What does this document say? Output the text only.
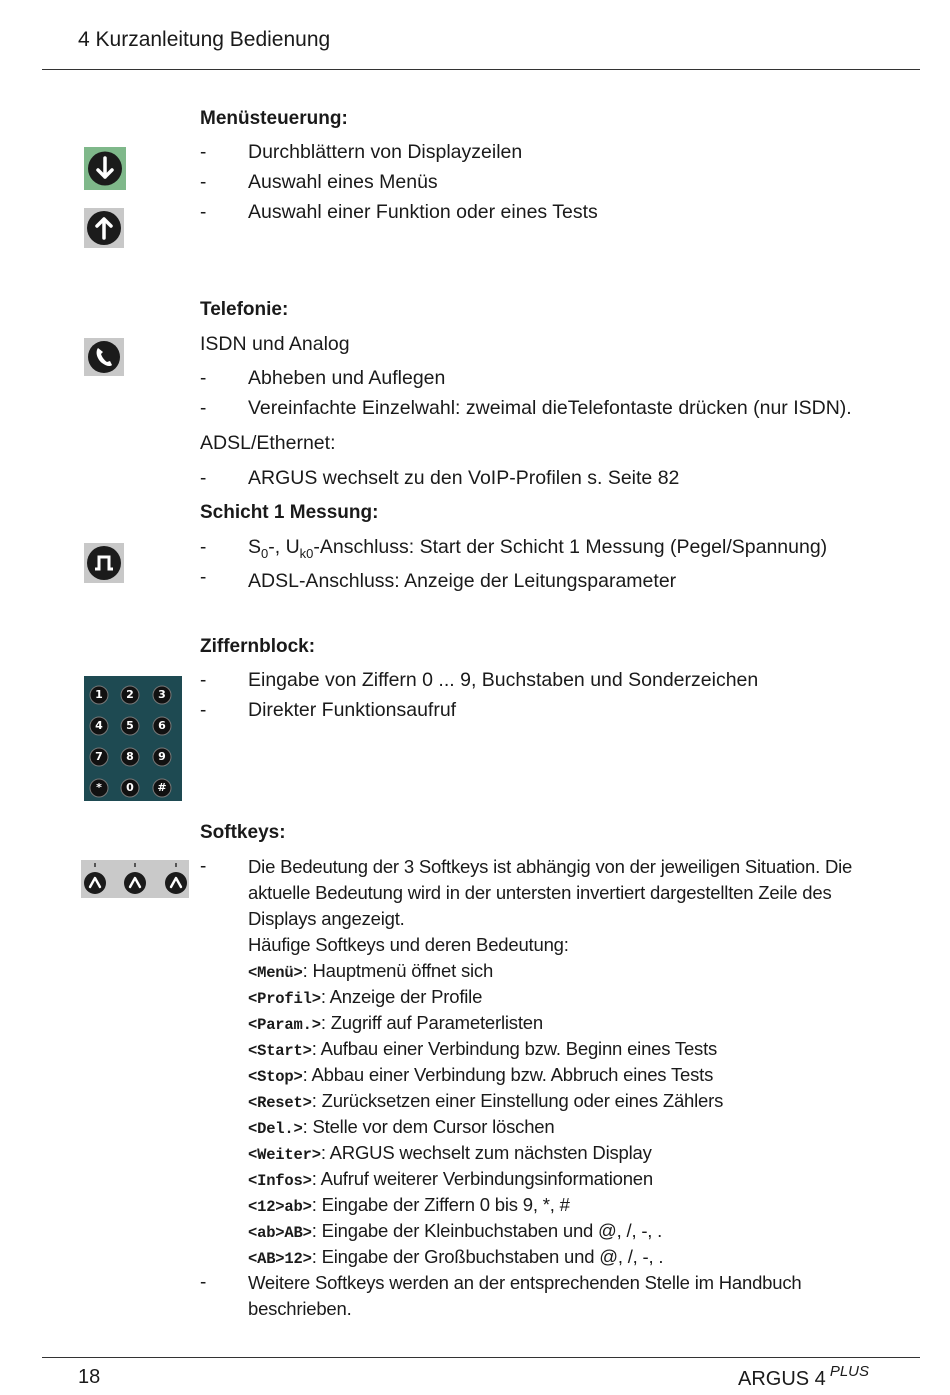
4 Kurzanleitung Bedienung
Menüsteuerung:
- Durchblättern von Displayzeilen
- Auswahl eines Menüs
- Auswahl einer Funktion oder eines Tests
Telefonie:
ISDN und Analog
- Abheben und Auflegen
- Vereinfachte Einzelwahl: zweimal dieTelefontaste drücken (nur ISDN).
ADSL/Ethernet:
- ARGUS wechselt zu den VoIP-Profilen s. Seite 82
Schicht 1 Messung:
- $S_0-$, $U_{k0}$-Anschluss: Start der Schicht 1 Messung (Pegel/Spannung)
- ADSL-Anschluss: Anzeige der Leitungsparameter
Ziffernblock:
1 2 3
4 5 6
7 8 9
* 0 #
- Eingabe von Ziffern 0 ... 9, Buchstaben und Sonderzeichen
- Direkter Funktionsaufruf
Softkeys:
- Die Bedeutung der 3 Softkeys ist abhängig von der jeweiligen Situation. Die
aktuelle Bedeutung wird in der untersten invertiert dargestellten Zeile des
Displays angezeigt.
Häufige Softkeys und deren Bedeutung:
<Menü>: Hauptmenü öffnet sich
<Profil>: Anzeige der Profile
<Param.>: Zugriff auf Parameterlisten
<Start>: Aufbau einer Verbindung bzw. Beginn eines Tests
<Stop>: Abbau einer Verbindung bzw. Abbruch eines Tests
<Reset>: Zurücksetzen einer Einstellung oder eines Zählers
<Del.>: Stelle vor dem Cursor löschen
<Weiter>: ARGUS wechselt zum nächsten Display
<Infos>: Aufruf weiterer Verbindungsinformationen
<12>ab>: Eingabe der Ziffern 0 bis 9, *, #
<ab>AB>: Eingabe der Kleinbuchstaben und @, /, -, .
<AB>12>: Eingabe der Großbuchstaben und @, /, -, .
- Weitere Softkeys werden an der entsprechenden Stelle im Handbuch
beschrieben.
18	ARGUS 4 $^{PLUS}$
